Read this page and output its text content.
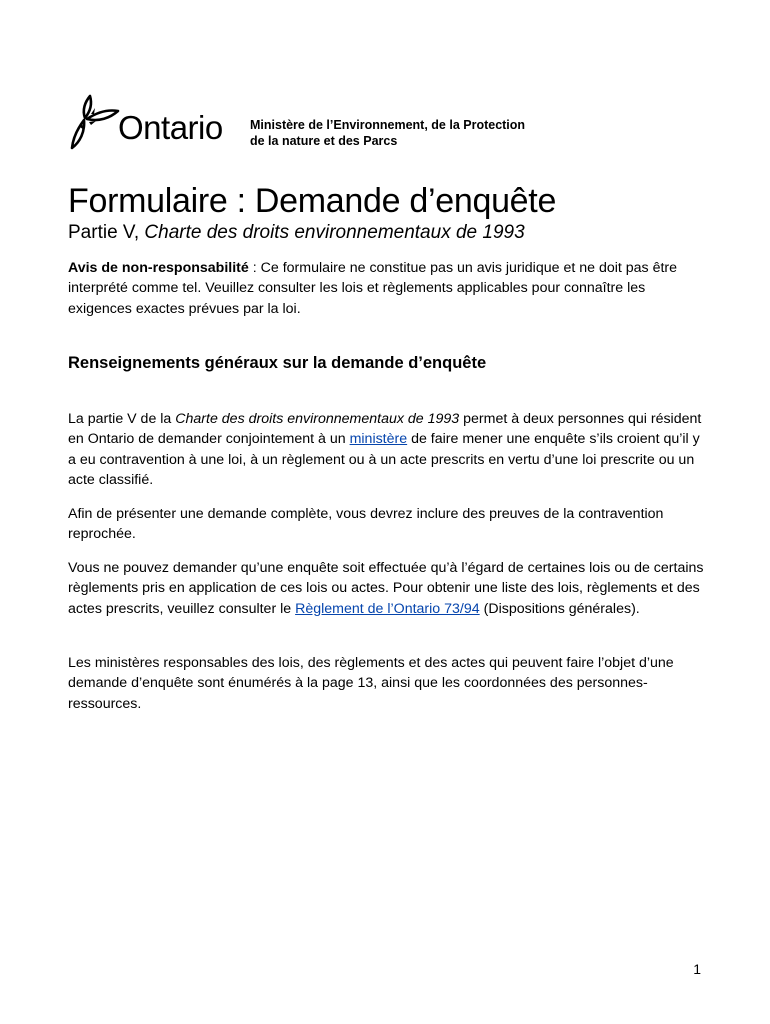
Ontario Ministère de l’Environnement, de la Protection
de la nature et des Parcs
Formulaire : Demande d’enquête

Partie V, Charte des droits environnementaux de 1993

Avis de non-responsabilité : Ce formulaire ne constitue pas un avis juridique et ne doit pas être interprété comme tel. Veuillez consulter les lois et règlements applicables pour connaître les exigences exactes prévues par la loi.

Renseignements généraux sur la demande d’enquête

La partie V de la Charte des droits environnementaux de 1993 permet à deux personnes qui résident en Ontario de demander conjointement à un ministère de faire mener une enquête s’ils croient qu’il y a eu contravention à une loi, à un règlement ou à un acte prescrits en vertu d’une loi prescrite ou un acte classifié.

Afin de présenter une demande complète, vous devrez inclure des preuves de la contravention reprochée.

Vous ne pouvez demander qu’une enquête soit effectuée qu’à l’égard de certaines lois ou de certains règlements pris en application de ces lois ou actes. Pour obtenir une liste des lois, règlements et des actes prescrits, veuillez consulter le Règlement de l’Ontario 73/94 (Dispositions générales).

Les ministères responsables des lois, des règlements et des actes qui peuvent faire l’objet d’une demande d’enquête sont énumérés à la page 13, ainsi que les coordonnées des personnes-ressources.

1
